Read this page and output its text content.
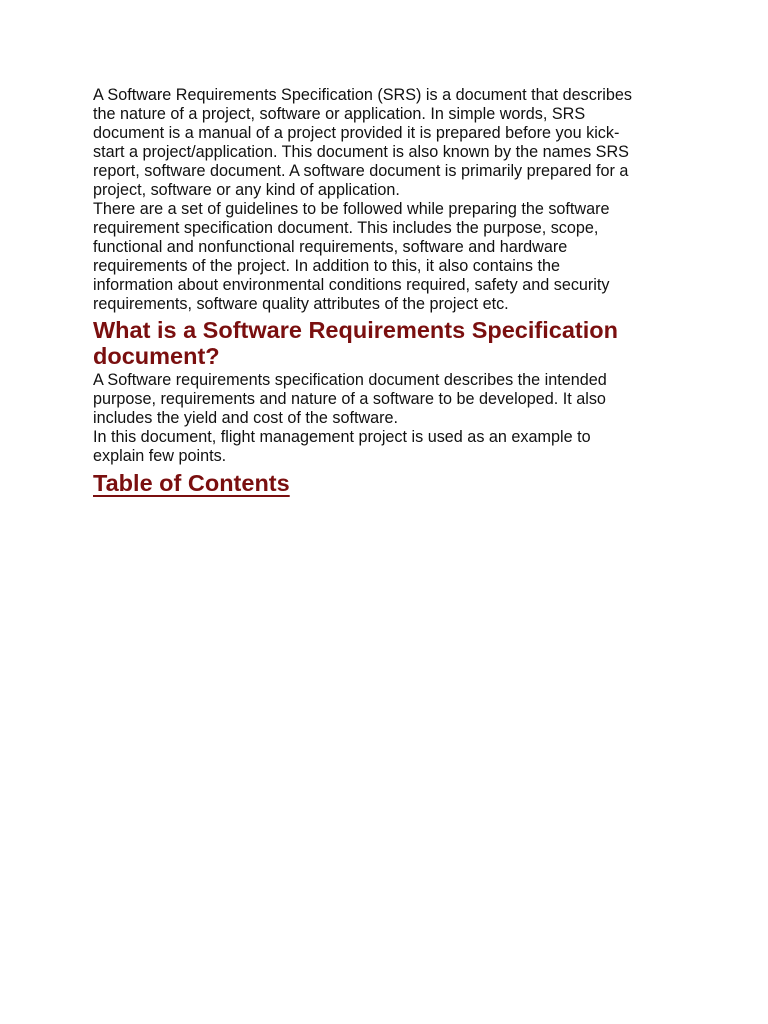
A Software Requirements Specification (SRS) is a document that describes
the nature of a project, software or application. In simple words, SRS
document is a manual of a project provided it is prepared before you kick-
start a project/application. This document is also known by the names SRS
report, software document. A software document is primarily prepared for a
project, software or any kind of application.

There are a set of guidelines to be followed while preparing the software
requirement specification document. This includes the purpose, scope,
functional and nonfunctional requirements, software and hardware
requirements of the project. In addition to this, it also contains the
information about environmental conditions required, safety and security
requirements, software quality attributes of the project etc.

What is a Software Requirements Specification
document?

A Software requirements specification document describes the intended
purpose, requirements and nature of a software to be developed. It also
includes the yield and cost of the software.

In this document, flight management project is used as an example to
explain few points.

Table of Contents
